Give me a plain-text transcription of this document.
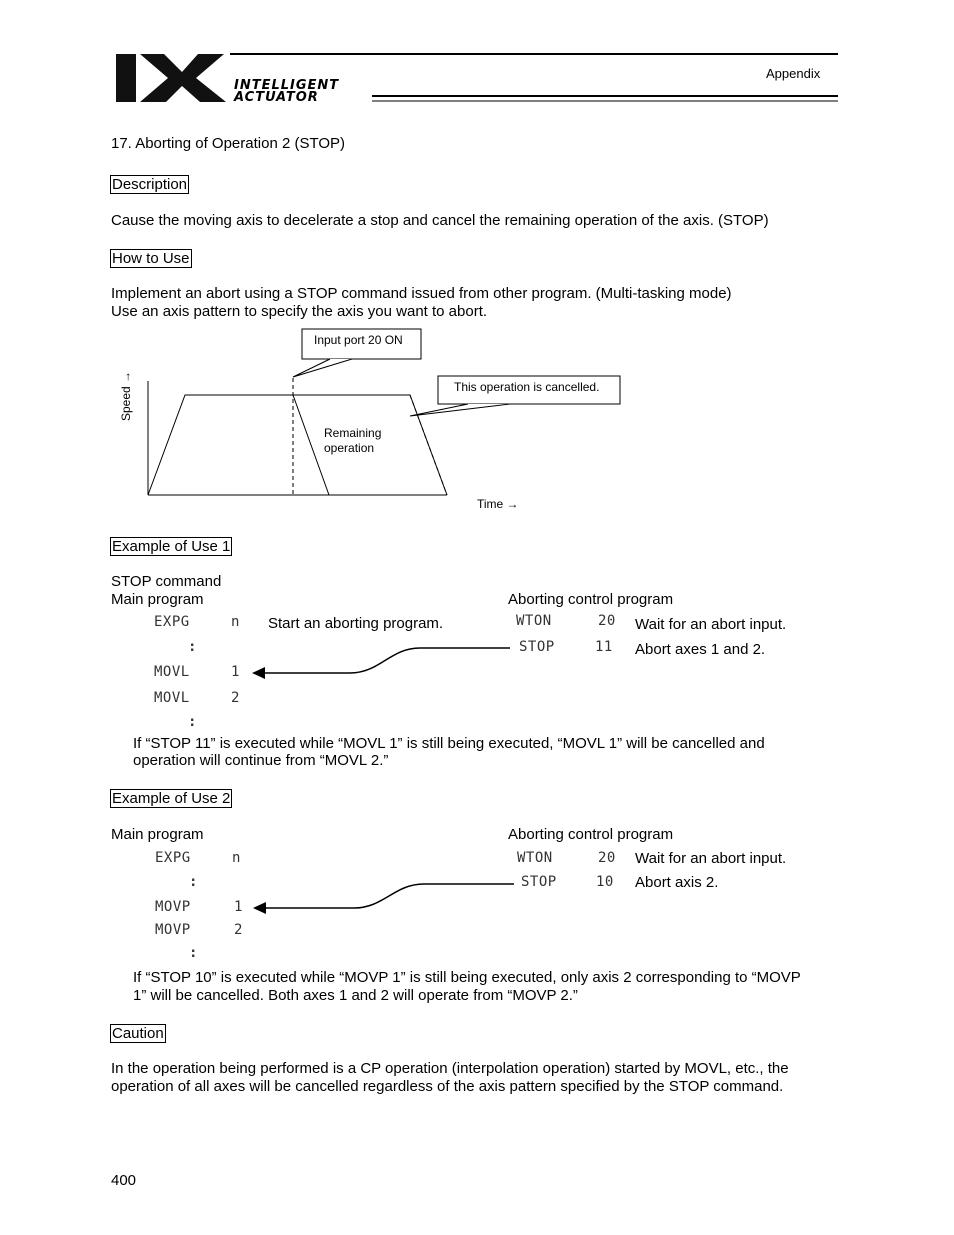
INTELLIGENT
ACTUATOR
Appendix
17. Aborting of Operation 2 (STOP)
Description
Cause the moving axis to decelerate a stop and cancel the remaining operation of the axis. (STOP)
How to Use
Implement an abort using a STOP command issued from other program. (Multi-tasking mode)
Use an axis pattern to specify the axis you want to abort.
Input port 20 ON
This operation is cancelled.
Remaining
operation
Speed →
Time →
Example of Use 1
STOP command
Main program	Aborting control program
EXPG	n Start an aborting program.
:
MOVL	1
MOVL	2
:
WTON	20 Wait for an abort input.
STOP	11 Abort axes 1 and 2.
If “STOP 11” is executed while “MOVL 1” is still being executed, “MOVL 1” will be cancelled and
operation will continue from “MOVL 2.”
Example of Use 2
Main program	Aborting control program
EXPG	n
:
MOVP	1
MOVP	2
:
WTON	20 Wait for an abort input.
STOP	10 Abort axis 2.
If “STOP 10” is executed while “MOVP 1” is still being executed, only axis 2 corresponding to “MOVP
1” will be cancelled. Both axes 1 and 2 will operate from “MOVP 2.”
Caution
In the operation being performed is a CP operation (interpolation operation) started by MOVL, etc., the
operation of all axes will be cancelled regardless of the axis pattern specified by the STOP command.
400
